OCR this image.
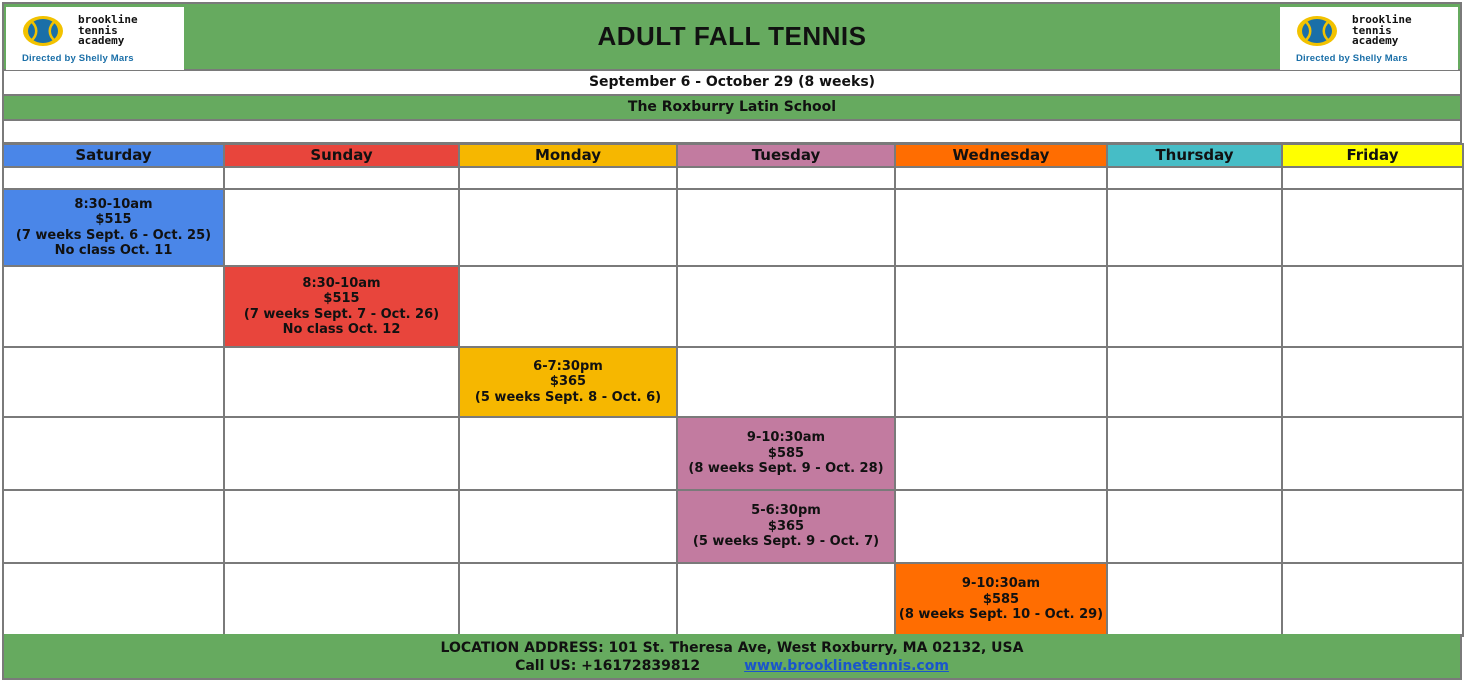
brookline
tennis
academy
Directed by Shelly Mars
ADULT FALL TENNIS
brookline
tennis
academy
Directed by Shelly Mars
September 6 - October 29 (8 weeks)
The Roxburry Latin School
Saturday	Sunday	Monday	Tuesday	Wednesday	Thursday	Friday

8:30-10am
$515
(7 weeks Sept. 6 - Oct. 25)
No class Oct. 11						

	8:30-10am
$515
(7 weeks Sept. 7 - Oct. 26)
No class Oct. 12					

		6-7:30pm
$365
(5 weeks Sept. 8 - Oct. 6)				

			9-10:30am
$585
(8 weeks Sept. 9 - Oct. 28)			

			5-6:30pm
$365
(5 weeks Sept. 9 - Oct. 7)			

				9-10:30am
$585
(8 weeks Sept. 10 - Oct. 29)		

LOCATION ADDRESS: 101 St. Theresa Ave, West Roxburry, MA 02132, USA
Call US: +16172839812	www.brooklinetennis.com
